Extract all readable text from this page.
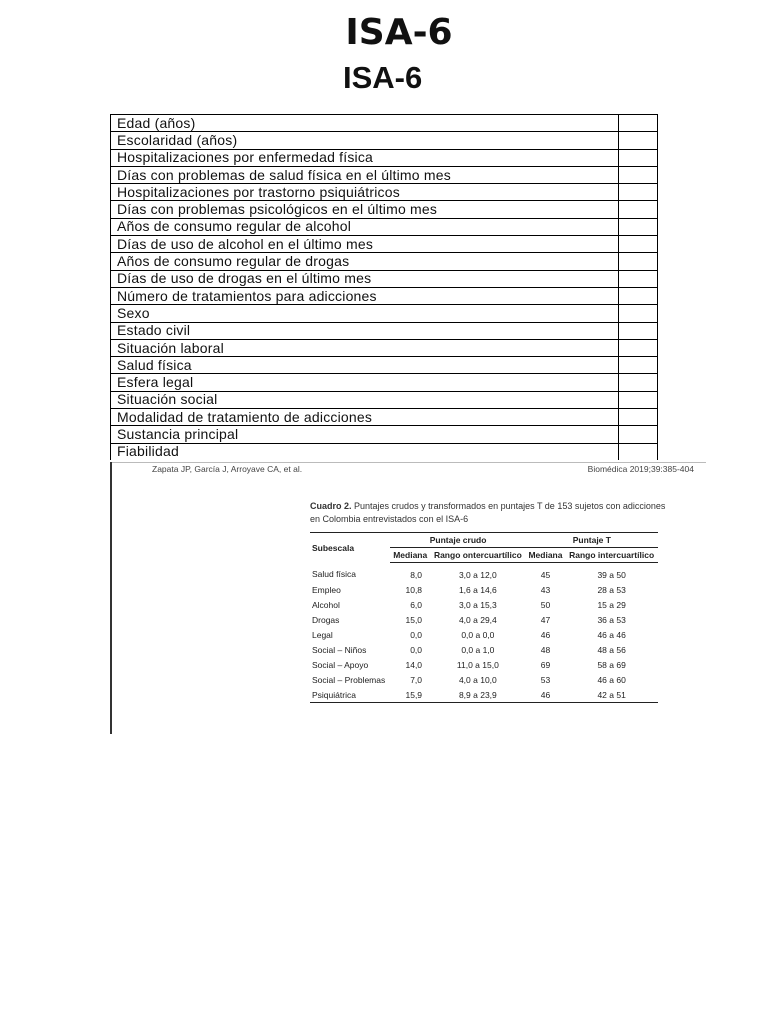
ISA-6
ISA-6
Edad (años)	
Escolaridad (años)	
Hospitalizaciones por enfermedad física	
Días con problemas de salud física en el último mes	
Hospitalizaciones por trastorno psiquiátricos	
Días con problemas psicológicos en el último mes	
Años de consumo regular de alcohol	
Días de uso de alcohol en el último mes	
Años de consumo regular de drogas	
Días de uso de drogas en el último mes	
Número de tratamientos para adicciones	
Sexo	
Estado civil	
Situación laboral	
Salud física	
Esfera legal	
Situación social	
Modalidad de tratamiento de adicciones	
Sustancia principal	
Fiabilidad	
Zapata JP, García J, Arroyave CA, et al.	Biomédica 2019;39:385-404
Cuadro 2. Puntajes crudos y transformados en puntajes T de 153 sujetos con adicciones en Colombia entrevistados con el ISA-6
Subescala	Puntaje crudo		Puntaje T	
	Mediana	Rango ontercuartílico	Mediana	Rango intercuartílico
Salud física	8,0	3,0 a 12,0	45	39 a 50
Empleo	10,8	1,6 a 14,6	43	28 a 53
Alcohol	6,0	3,0 a 15,3	50	15 a 29
Drogas	15,0	4,0 a 29,4	47	36 a 53
Legal	0,0	0,0 a 0,0	46	46 a 46
Social – Niños	0,0	0,0 a 1,0	48	48 a 56
Social – Apoyo	14,0	11,0 a 15,0	69	58 a 69
Social – Problemas	7,0	4,0 a 10,0	53	46 a 60
Psiquiátrica	15,9	8,9 a 23,9	46	42 a 51
